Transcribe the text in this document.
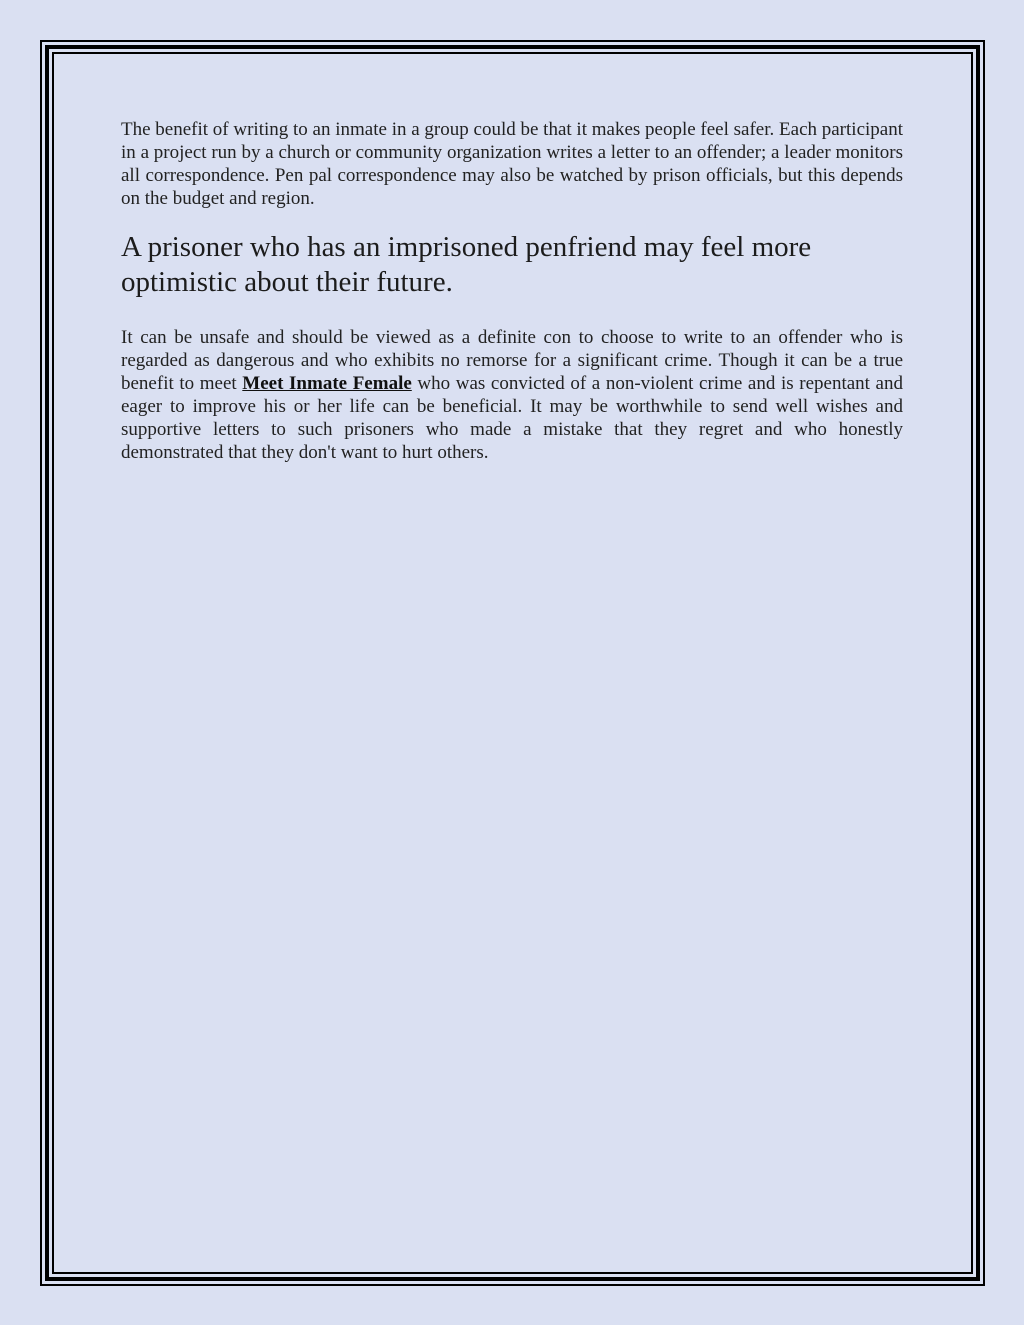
The benefit of writing to an inmate in a group could be that it makes people feel safer. Each participant in a project run by a church or community organization writes a letter to an offender; a leader monitors all correspondence. Pen pal correspondence may also be watched by prison officials, but this depends on the budget and region.

A prisoner who has an imprisoned penfriend may feel more optimistic about their future.

It can be unsafe and should be viewed as a definite con to choose to write to an offender who is regarded as dangerous and who exhibits no remorse for a significant crime. Though it can be a true benefit to meet Meet Inmate Female who was convicted of a non-violent crime and is repentant and eager to improve his or her life can be beneficial. It may be worthwhile to send well wishes and supportive letters to such prisoners who made a mistake that they regret and who honestly demonstrated that they don't want to hurt others.
